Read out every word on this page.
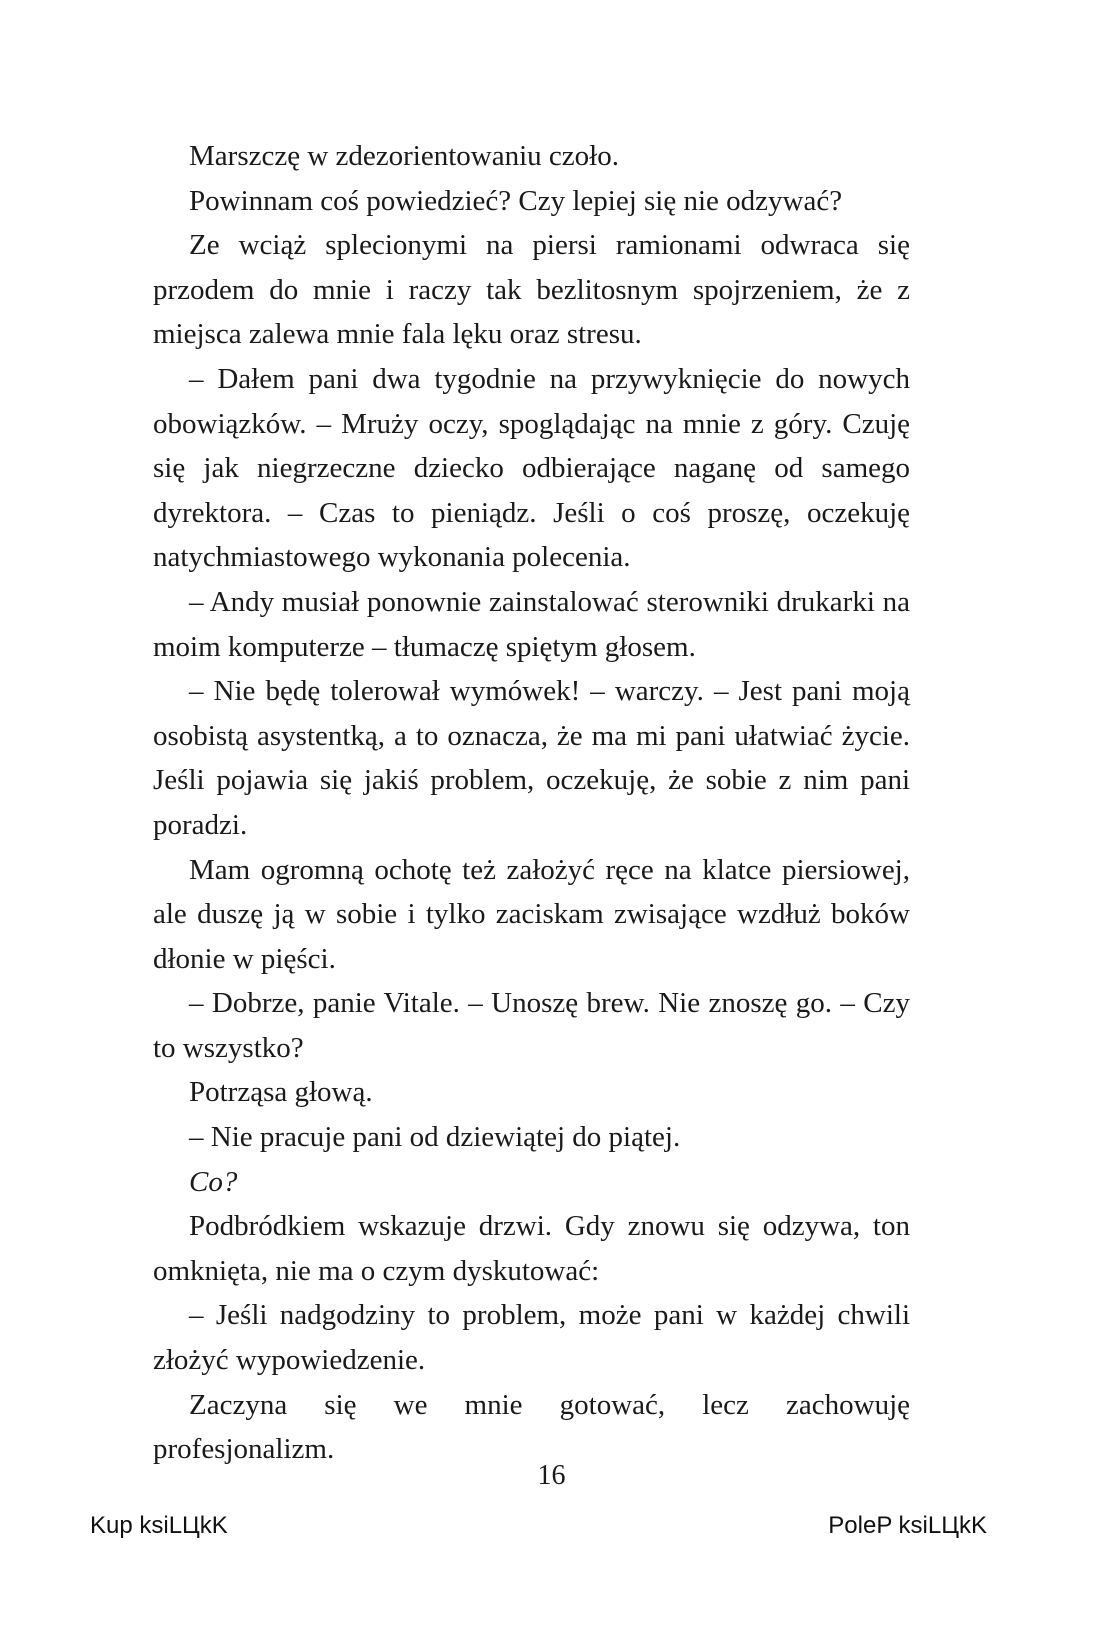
Marszczę w zdezorientowaniu czoło.

Powinnam coś powiedzieć? Czy lepiej się nie odzywać?

Ze wciąż splecionymi na piersi ramionami odwraca się przodem do mnie i raczy tak bezlitosnym spojrzeniem, że z miejsca zalewa mnie fala lęku oraz stresu.

– Dałem pani dwa tygodnie na przywyknięcie do nowych obowiązków. – Mruży oczy, spoglądając na mnie z góry. Czuję się jak niegrzeczne dziecko odbierające naganę od samego dyrektora. – Czas to pieniądz. Jeśli o coś proszę, oczekuję natychmiastowego wykonania polecenia.

– Andy musiał ponownie zainstalować sterowniki drukarki na moim komputerze – tłumaczę spiętym głosem.

– Nie będę tolerował wymówek! – warczy. – Jest pani moją osobistą asystentką, a to oznacza, że ma mi pani ułatwiać życie. Jeśli pojawia się jakiś problem, oczekuję, że sobie z nim pani poradzi.

Mam ogromną ochotę też założyć ręce na klatce piersiowej, ale duszę ją w sobie i tylko zaciskam zwisające wzdłuż boków dłonie w pięści.

– Dobrze, panie Vitale. – Unoszę brew. Nie znoszę go. – Czy to wszystko?

Potrząsa głową.

– Nie pracuje pani od dziewiątej do piątej.

Co?

Podbródkiem wskazuje drzwi. Gdy znowu się odzywa, ton omknięta, nie ma o czym dyskutować:

– Jeśli nadgodziny to problem, może pani w każdej chwili złożyć wypowiedzenie.

Zaczyna się we mnie gotować, lecz zachowuję profesjonalizm.

16
Kup ksiLЦkK	PoleP ksiLЦkK
